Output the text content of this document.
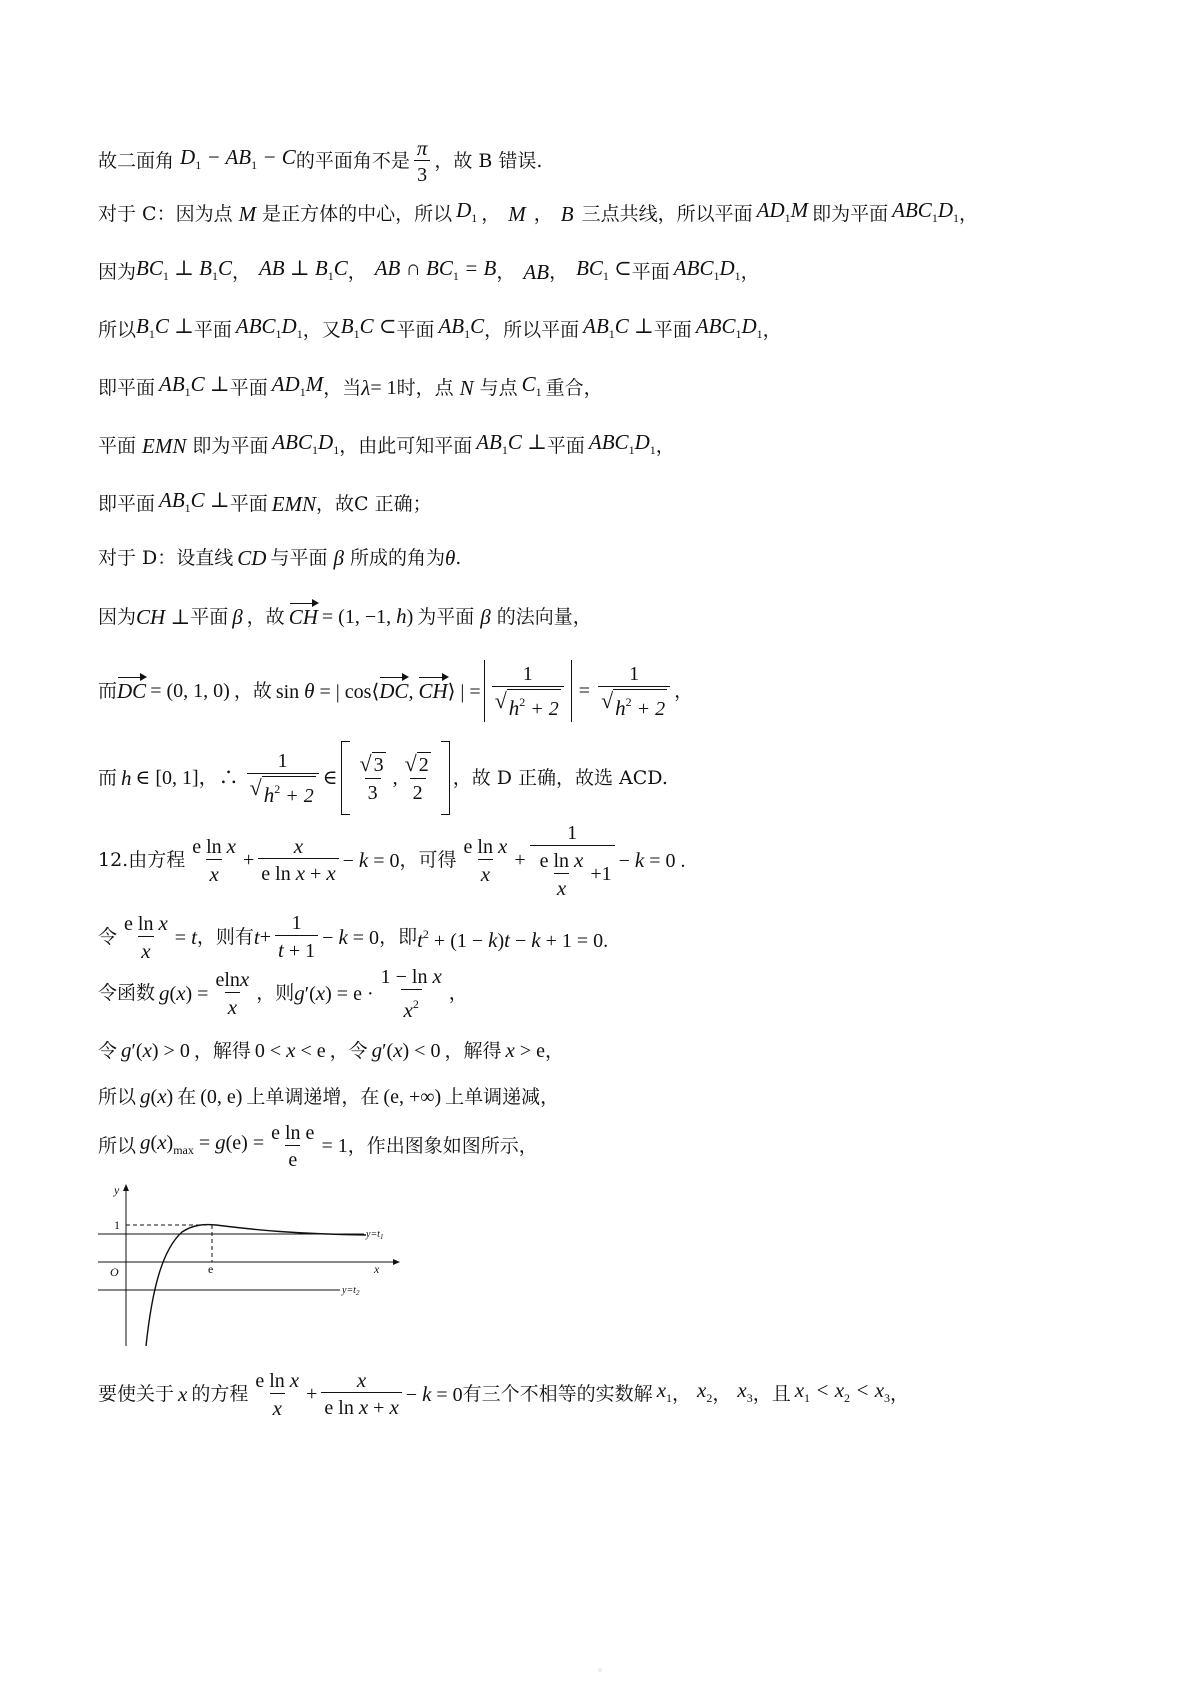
故二面角 $D_1 - AB_1 - C$ 的平面角不是 $\frac{\pi}{3}$ ，故 B 错误.
对于 C：因为点 M 是正方体的中心，所以 $D_1$ ， M ， B 三点共线，所以平面 $AD_1M$ 即为平面 $ABC_1D_1$ ，
因为 $BC_1$ ⊥ $B_1C$ ， AB ⊥ $B_1C$ ， AB ∩ $BC_1 = B$ ， AB ， $BC_1$ ⊂ 平面 $ABC_1D_1$ ，
所以 $B_1C$ ⊥ 平面 $ABC_1D_1$ ，又 $B_1C$ ⊂ 平面 $AB_1C$ ，所以平面 $AB_1C$ ⊥ 平面 $ABC_1D_1$ ，
即平面 $AB_1C$ ⊥ 平面 $AD_1M$ ，当 λ = 1 时，点 N 与点 $C_1$ 重合，
平面 EMN 即为平面 $ABC_1D_1$ ，由此可知平面 $AB_1C$ ⊥ 平面 $ABC_1D_1$ ，
即平面 $AB_1C$ ⊥ 平面 EMN ，故C 正确；
对于 D：设直线 CD 与平面 β 所成的角为 θ .
因为 CH ⊥ 平面 β ，故 CH = (1, −1, h) 为平面 β 的法向量，
而 DC = (0, 1, 0) ，故 sin θ = | cos⟨DC, CH⟩ | = $\frac{1}{√ h^2 + 2} = \frac{1}{√ h^2 + 2}$ ，
而 h ∈ [0, 1]，∴ $\frac{1}{√ h^2 + 2}$ ∈ $\frac{√ 3}{3}$ , $\frac{√ 2}{2}$ ，故 D 正确，故选 ACD.
12.由方程 $\frac{\text{e ln x}}{x} + \frac{x}{\text{e ln x + x}} - k = 0$ ，可得 $\frac{\text{e ln x}}{x} + \frac{1}{\frac{\text{e ln x}}{x} +1} - k = 0$ .
令 $\frac{\text{e ln x}}{x} = t$ ，则有 $t + \frac{1}{t + 1} - k = 0$ ，即 $t^2 + (1 - k)t - k + 1 = 0$.
令函数 $g(x) = \frac{elnx}{x}$ ，则 $g'(x) = e \cdot \frac{\text{1 − ln x}}{x^2}$ ，
令 g′(x) > 0 ，解得 0 < x < e ，令 g′(x) < 0 ，解得 x > e ，
所以 g(x) 在 (0, e) 上单调递增，在 (e, +∞) 上单调递减，
所以 $g(x)_{max} = g(e) = \frac{\text{e ln e}}{e} = 1$ ，作出图象如图所示，
y
x
O
$y=t_1$
$y=t_2$
1
e
要使关于 x 的方程 $\frac{\text{e ln x}}{x} + \frac{x}{\text{e ln x + x}} - k = 0$ 有三个不相等的实数解 $x_1$ ， $x_2$ ， $x_3$ ，且 $x_1 < x_2 < x_3$ ，
